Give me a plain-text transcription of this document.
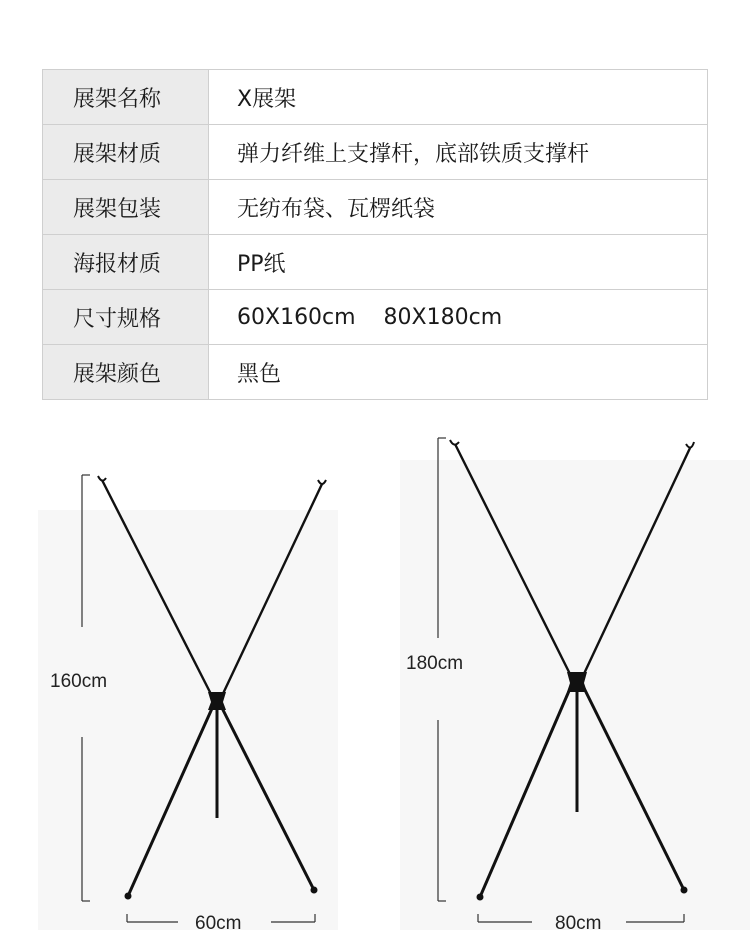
展架名称	X展架
展架材质	弹力纤维上支撑杆，底部铁质支撑杆
展架包装	无纺布袋、瓦楞纸袋
海报材质	PP纸
尺寸规格	60X160cm    80X180cm
展架颜色	黑色
160cm
60cm
180cm
80cm
